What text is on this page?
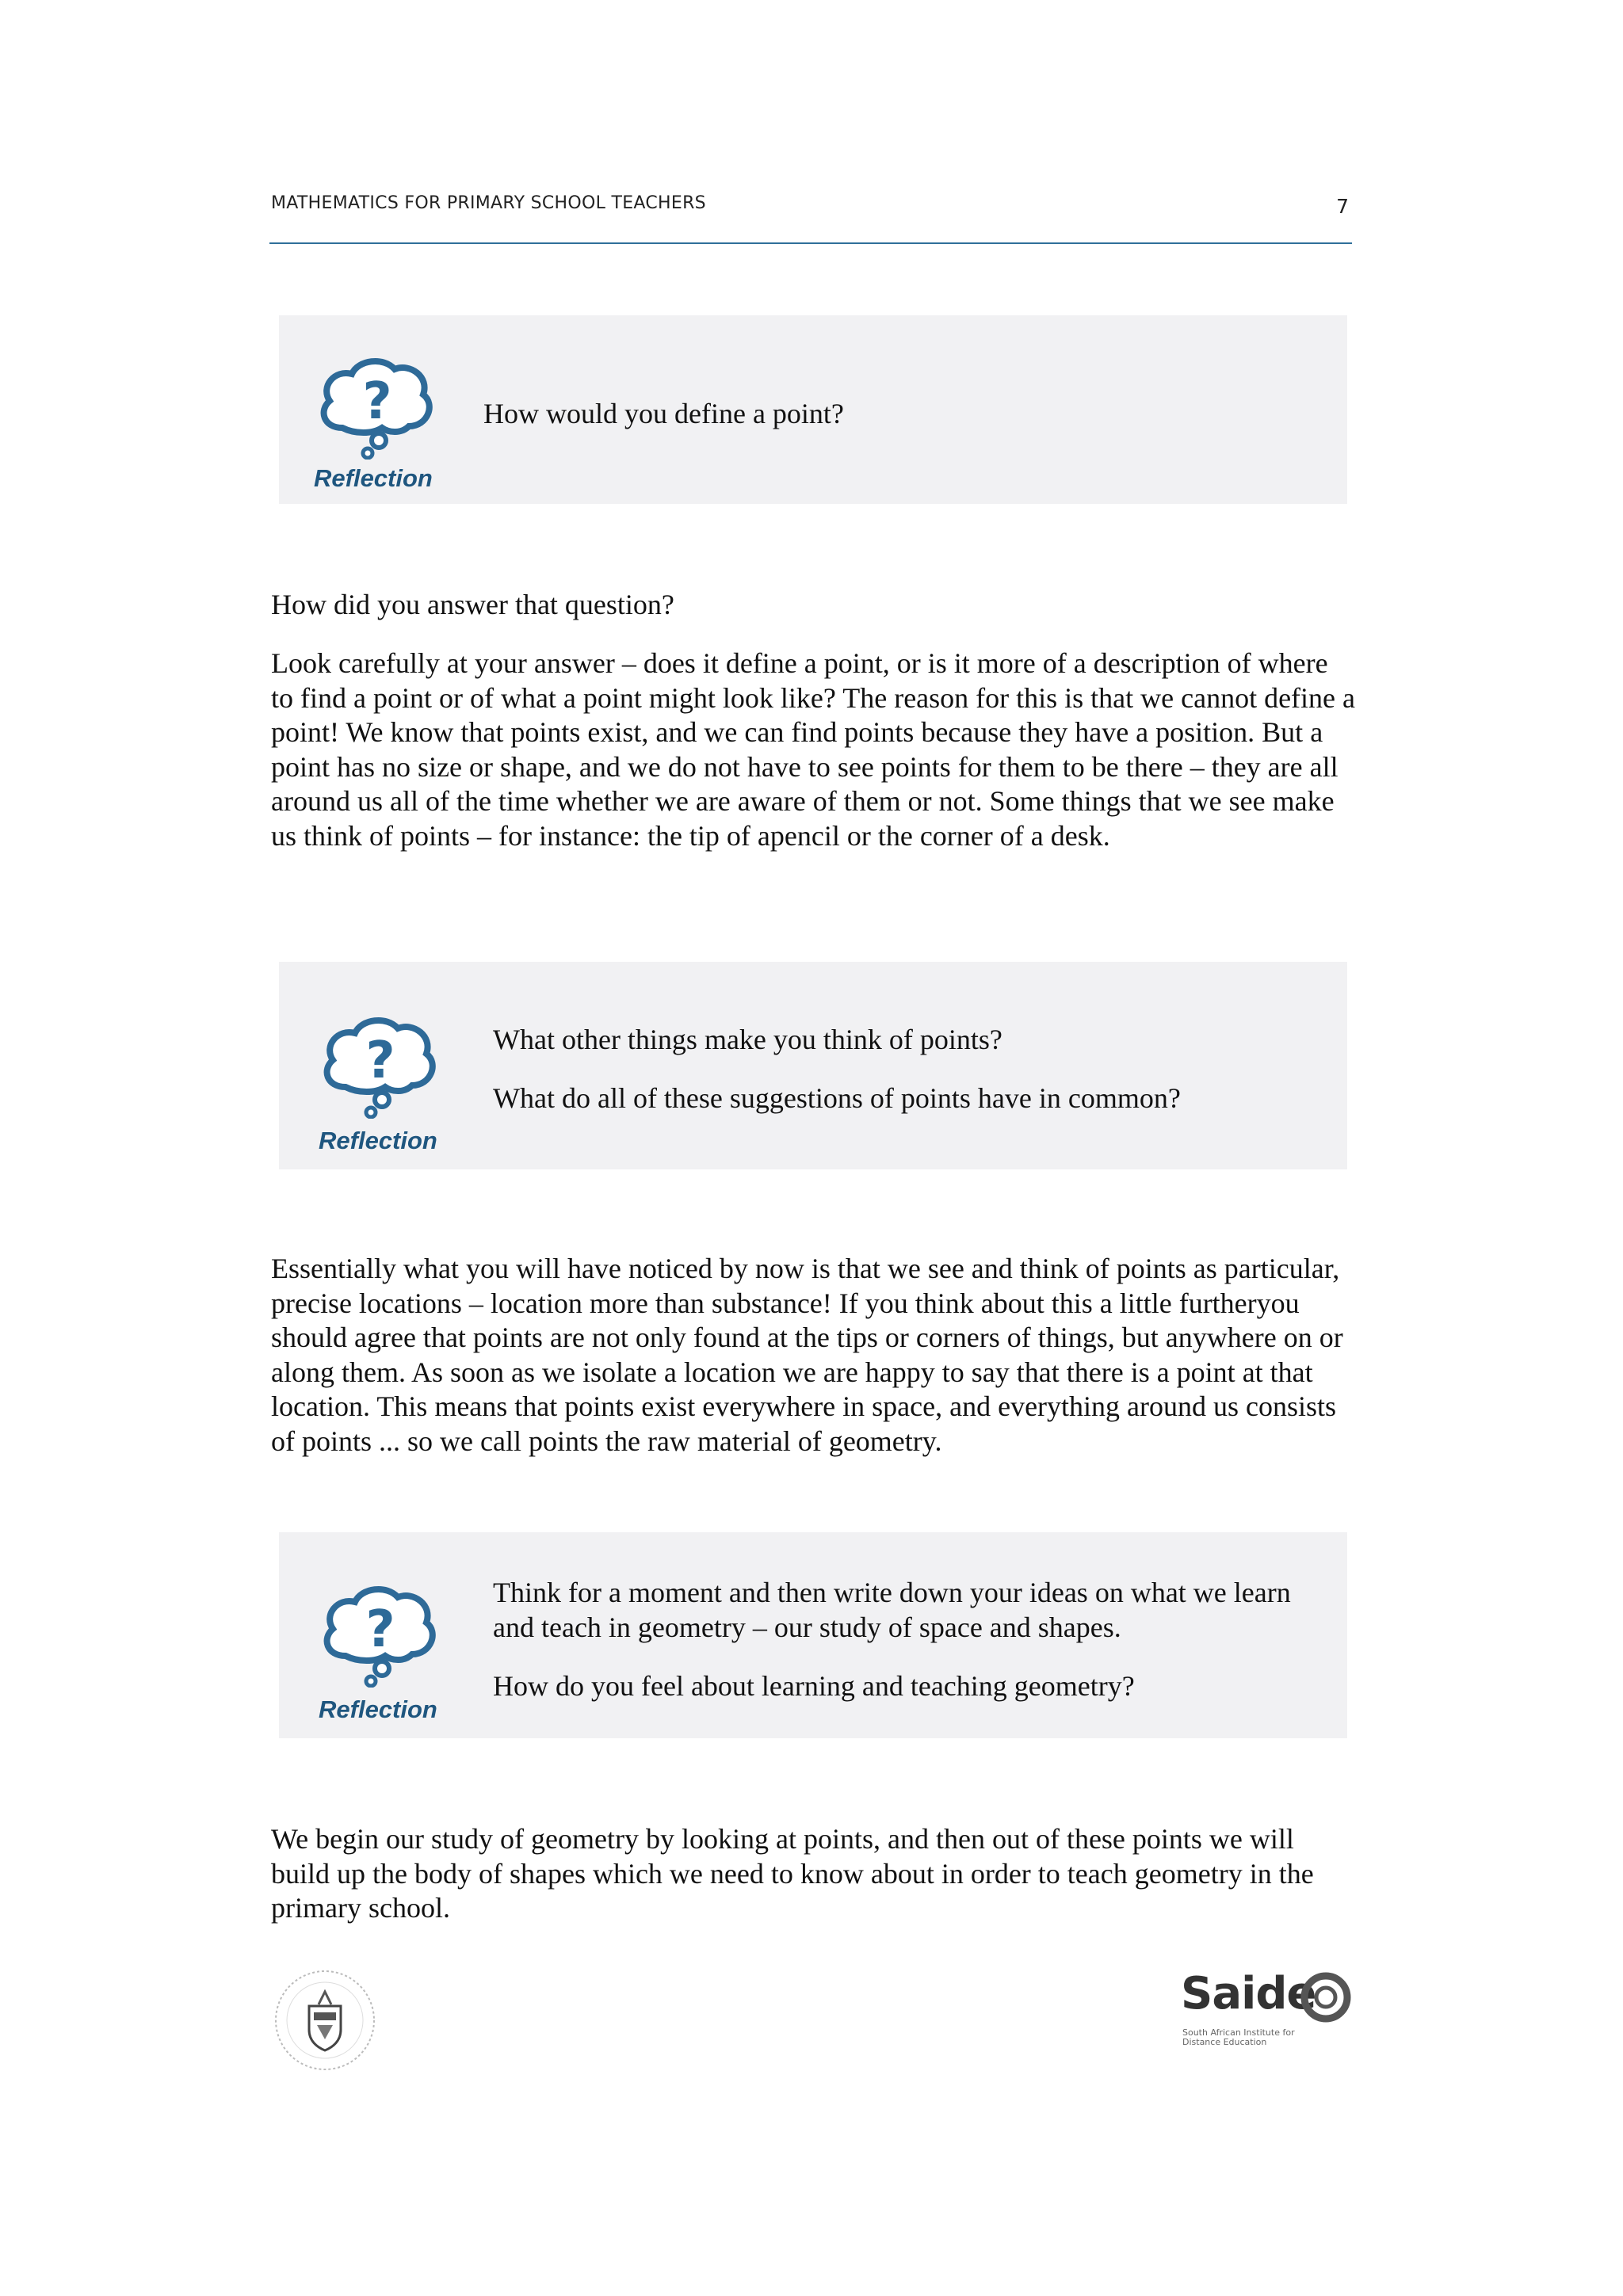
MATHEMATICS FOR PRIMARY SCHOOL TEACHERS	7
?
Reflection

How would you define a point?

How did you answer that question?

Look carefully at your answer – does it define a point, or is it more of a description of where to find a point or of what a point might look like? The reason for this is that we cannot define a point! We know that points exist, and we can find points because they have a position. But a point has no size or shape, and we do not have to see points for them to be there – they are all around us all of the time whether we are aware of them or not. Some things that we see make us think of points – for instance: the tip of apencil or the corner of a desk.

?
Reflection

What other things make you think of points?

What do all of these suggestions of points have in common?

Essentially what you will have noticed by now is that we see and think of points as particular, precise locations – location more than substance! If you think about this a little furtheryou should agree that points are not only found at the tips or corners of things, but anywhere on or along them. As soon as we isolate a location we are happy to say that there is a point at that location. This means that points exist everywhere in space, and everything around us consists of points ... so we call points the raw material of geometry.

?
Reflection

Think for a moment and then write down your ideas on what we learn and teach in geometry – our study of space and shapes.

How do you feel about learning and teaching geometry?

We begin our study of geometry by looking at points, and then out of these points we will build up the body of shapes which we need to know about in order to teach geometry in the primary school.

Saide
South African Institute for Distance Education
